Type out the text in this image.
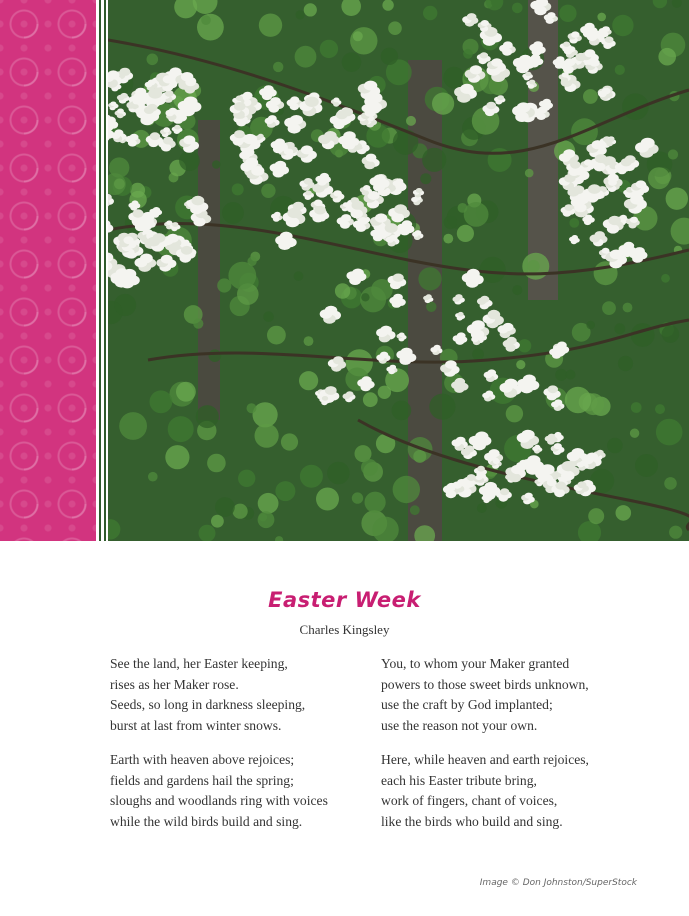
Easter Week
Charles Kingsley
See the land, her Easter keeping,
rises as her Maker rose.
Seeds, so long in darkness sleeping,
burst at last from winter snows.
Earth with heaven above rejoices;
fields and gardens hail the spring;
sloughs and woodlands ring with voices
while the wild birds build and sing.
You, to whom your Maker granted
powers to those sweet birds unknown,
use the craft by God implanted;
use the reason not your own.
Here, while heaven and earth rejoices,
each his Easter tribute bring,
work of fingers, chant of voices,
like the birds who build and sing.
Image © Don Johnston/SuperStock
